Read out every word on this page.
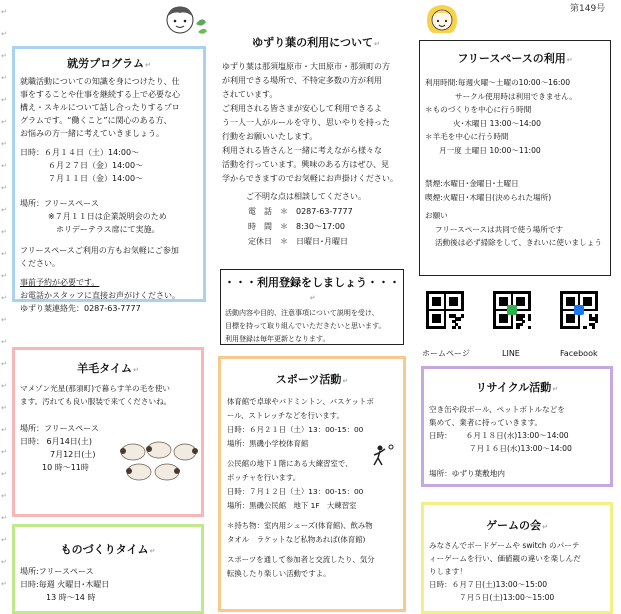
↵
↵
↵
↵
↵
↵
↵
↵
↵
↵
↵
↵
↵
↵
↵
↵
↵
↵
↵
↵
↵
↵
↵
↵
↵
↵
↵
第149号
就労プログラム ↵
就職活動についての知識を身につけたり、仕
事をすることや仕事を継続する上で必要な心
構え・スキルについて話し合ったりするプロ
グラムです。“働くこと”に関心のある方、
お悩みの方一緒に考えていきましょう。
日時：６月１４日（土）14:00～
６月２７日（金）14:00～
７月１１日（金）14:00～
場所：フリースペース
※７月１１日は企業説明会のため
ホリデーテラス席にて実施。
フリースペースご利用の方もお気軽にご参加
ください。
事前予約が必要です。
お電話かスタッフに直接お声がけください。
ゆずり葉連絡先：0287-63-7777
ゆずり葉の利用について ↵
ゆずり葉は那須塩原市・大田原市・那須町の方
が利用できる場所で、不特定多数の方が利用
されています。
ご利用される皆さまが安心して利用できるよ
う一人一人がルールを守り、思いやりを持った
行動をお願いいたします。
利用される皆さんと一緒に考えながら様々な
活動を行っています。興味のある方はぜひ、見
学からできますのでお気軽にお声掛けください。
ご不明な点は相談してください。
電　話　＊　0287-63-7777
時　間　＊　8:30～17:00
定休日　＊　日曜日･月曜日
・・・利用登録をしましょう・・・ ↵
活動内容や目的、注意事項について説明を受け、
目標を持って取り組んでいただきたいと思います。
利用登録は毎年更新となります。
フリースペースの利用 ↵
利用時間:毎週火曜～土曜の10:00～16:00
サークル使用時は利用できません。
＊ものづくりを中心に行う時間
火･木曜日 13:00～14:00
＊羊毛を中心に行う時間
月一度 土曜日 10:00～11:00
禁煙:水曜日･金曜日･土曜日
喫煙:火曜日･木曜日(決められた場所)
お願い
フリースペースは共同で使う場所です
活動後は必ず掃除をして、きれいに使いましょう
ホームページ	LINE	Facebook
羊毛タイム ↵
マメゾン光星(那須町)で暮らす羊の毛を使い
ます。汚れても良い服装で来てくださいね。
場所：フリースペース
日時： 6月14日(土)
7月12日(土)
10 時～11時
ものづくりタイム ↵
場所:フリースペース
日時:毎週 火曜日･木曜日
13 時～14 時
スポーツ活動 ↵
体育館で卓球やバドミントン、バスケットボ
ール、ストレッチなどを行います。
日時：６月２１日（土）13：00-15：00
場所：黒磯小学校体育館
公民館の地下１階にある大練習室で、
ボッチャを行います。
日時：７月１２日（土）13：00-15：00
場所：黒磯公民館　地下 1F　大練習室
＊持ち物：室内用シューズ(体育館)、飲み物
タオル　ラケットなど私物あれば(体育館)
スポーツを通して参加者と交流したり、気分
転換したり楽しい活動ですよ。
リサイクル活動 ↵
空き缶や段ボール、ペットボトルなどを
集めて、業者に持っていきます。
日時： ６月１８日(水)13:00～14:00
７月１６日(水)13:00～14:00
場所：ゆずり葉敷地内
ゲームの会 ↵
みなさんでボードゲームや switch のパーテ
ィーゲームを行い、価値観の違いを楽しんだ
りします！
日時：６月７日(土)13:00～15:00
７月５日(土)13:00～15:00
